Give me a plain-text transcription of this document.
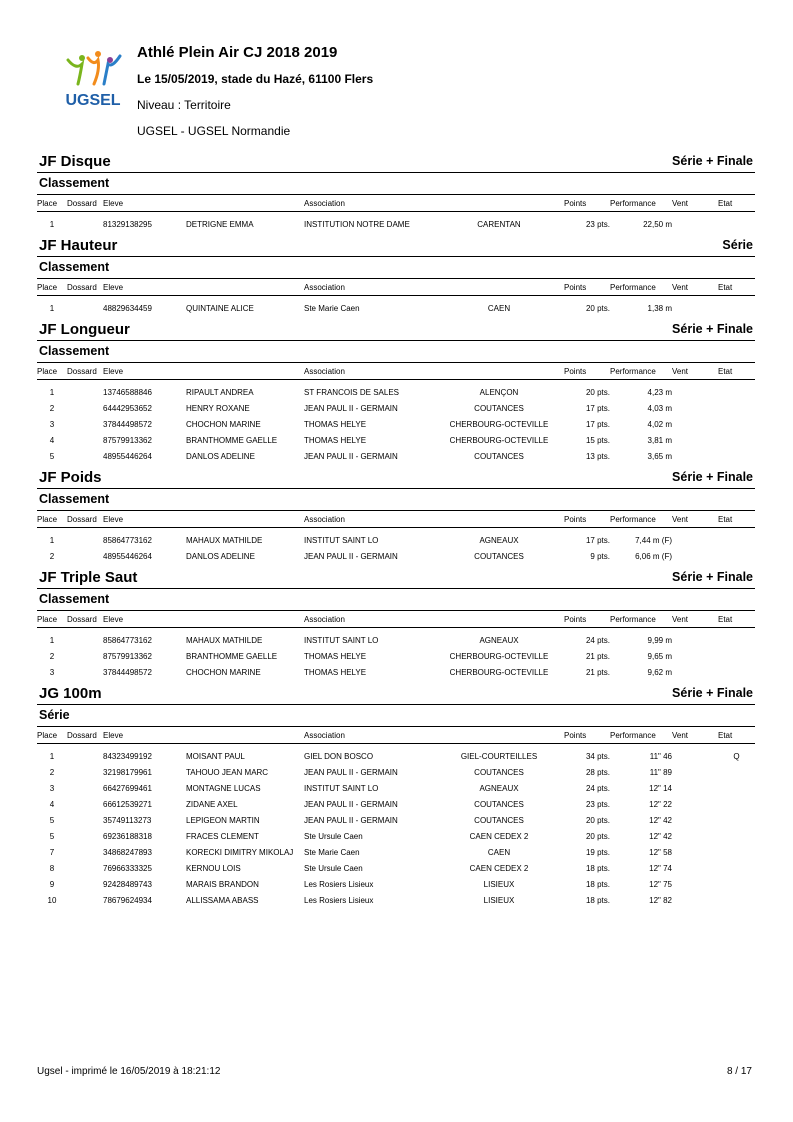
UGSEL
Athlé Plein Air CJ 2018 2019
Le 15/05/2019, stade du Hazé, 61100 Flers
Niveau : Territoire
UGSEL - UGSEL Normandie
JF Disque	Série + Finale
Classement
Place	Dossard	Eleve		Association		Points	Performance	Vent	Etat
1		81329138295	DETRIGNE EMMA	INSTITUTION NOTRE DAME	CARENTAN	23 pts.	22,50 m		
JF Hauteur	Série
Classement
Place	Dossard	Eleve		Association		Points	Performance	Vent	Etat
1		48829634459	QUINTAINE ALICE	Ste Marie Caen	CAEN	20 pts.	1,38 m		
JF Longueur	Série + Finale
Classement
Place	Dossard	Eleve		Association		Points	Performance	Vent	Etat
1		13746588846	RIPAULT ANDREA	ST FRANCOIS DE SALES	ALENÇON	20 pts.	4,23 m		
2		64442953652	HENRY ROXANE	JEAN PAUL II - GERMAIN	COUTANCES	17 pts.	4,03 m		
3		37844498572	CHOCHON MARINE	THOMAS HELYE	CHERBOURG-OCTEVILLE	17 pts.	4,02 m		
4		87579913362	BRANTHOMME GAELLE	THOMAS HELYE	CHERBOURG-OCTEVILLE	15 pts.	3,81 m		
5		48955446264	DANLOS ADELINE	JEAN PAUL II - GERMAIN	COUTANCES	13 pts.	3,65 m		
JF Poids	Série + Finale
Classement
Place	Dossard	Eleve		Association		Points	Performance	Vent	Etat
1		85864773162	MAHAUX MATHILDE	INSTITUT SAINT LO	AGNEAUX	17 pts.	7,44 m (F)		
2		48955446264	DANLOS ADELINE	JEAN PAUL II - GERMAIN	COUTANCES	9 pts.	6,06 m (F)		
JF Triple Saut	Série + Finale
Classement
Place	Dossard	Eleve		Association		Points	Performance	Vent	Etat
1		85864773162	MAHAUX MATHILDE	INSTITUT SAINT LO	AGNEAUX	24 pts.	9,99 m		
2		87579913362	BRANTHOMME GAELLE	THOMAS HELYE	CHERBOURG-OCTEVILLE	21 pts.	9,65 m		
3		37844498572	CHOCHON MARINE	THOMAS HELYE	CHERBOURG-OCTEVILLE	21 pts.	9,62 m		
JG 100m	Série + Finale
Série
Place	Dossard	Eleve		Association		Points	Performance	Vent	Etat
1		84323499192	MOISANT PAUL	GIEL DON BOSCO	GIEL-COURTEILLES	34 pts.	11" 46		Q
2		32198179961	TAHOUO JEAN MARC	JEAN PAUL II - GERMAIN	COUTANCES	28 pts.	11" 89		
3		66427699461	MONTAGNE LUCAS	INSTITUT SAINT LO	AGNEAUX	24 pts.	12" 14		
4		66612539271	ZIDANE AXEL	JEAN PAUL II - GERMAIN	COUTANCES	23 pts.	12" 22		
5		35749113273	LEPIGEON MARTIN	JEAN PAUL II - GERMAIN	COUTANCES	20 pts.	12" 42		
5		69236188318	FRACES CLEMENT	Ste Ursule Caen	CAEN CEDEX 2	20 pts.	12" 42		
7		34868247893	KORECKI DIMITRY MIKOLAJ	Ste Marie Caen	CAEN	19 pts.	12" 58		
8		76966333325	KERNOU LOIS	Ste Ursule Caen	CAEN CEDEX 2	18 pts.	12" 74		
9		92428489743	MARAIS BRANDON	Les Rosiers Lisieux	LISIEUX	18 pts.	12" 75		
10		78679624934	ALLISSAMA ABASS	Les Rosiers Lisieux	LISIEUX	18 pts.	12" 82		
Ugsel - imprimé le 16/05/2019 à 18:21:12	8 / 17
